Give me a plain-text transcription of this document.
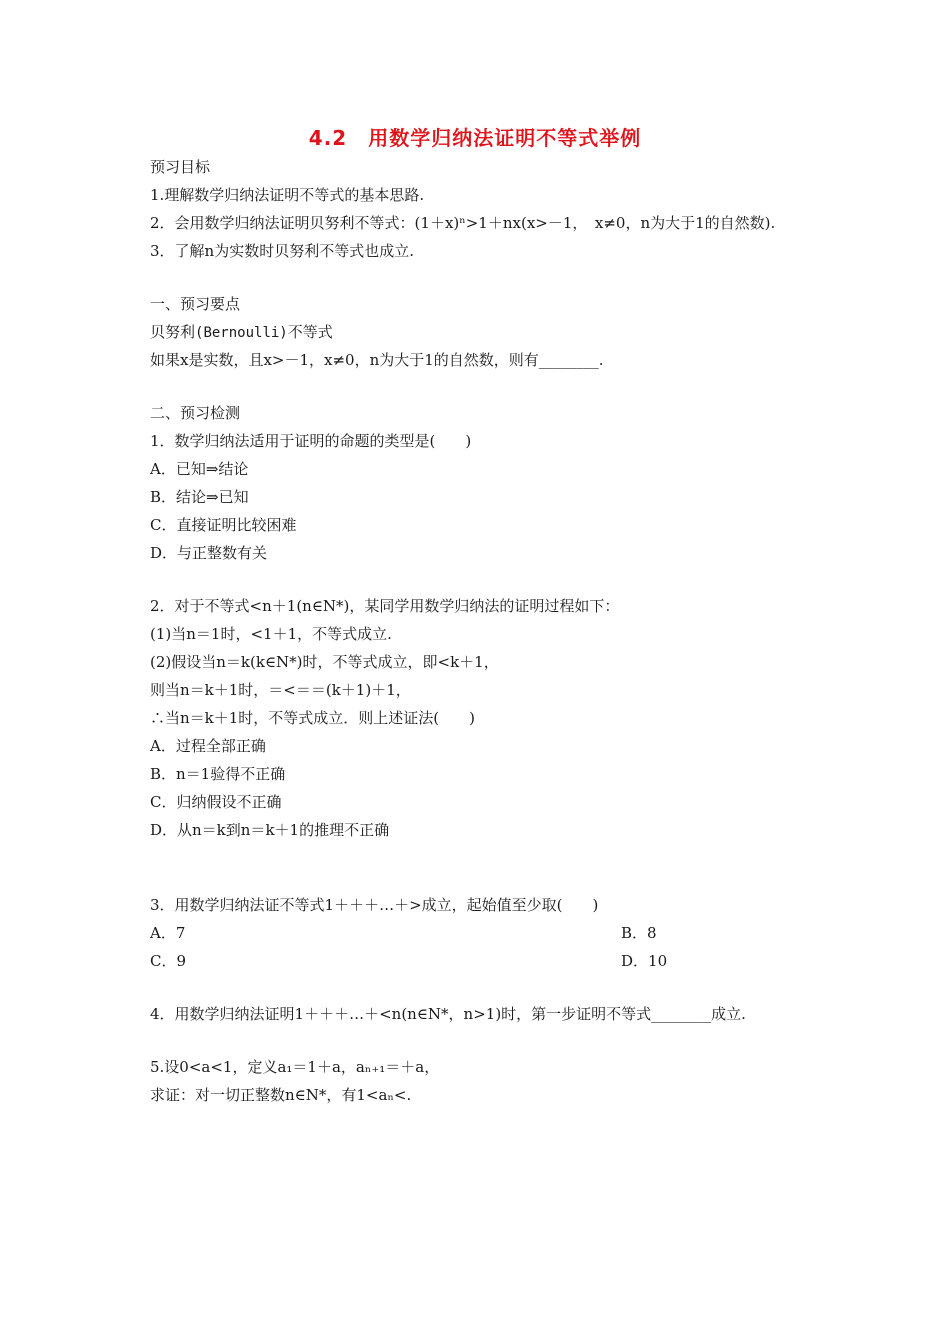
4.2　用数学归纳法证明不等式举例
预习目标
1.理解数学归纳法证明不等式的基本思路.
2．会用数学归纳法证明贝努利不等式：(1＋x)ⁿ>1＋nx(x>－1，　x≠0，n为大于1的自然数).
3．了解n为实数时贝努利不等式也成立.
一、预习要点
贝努利(Bernoulli)不等式
如果x是实数，且x>－1，x≠0，n为大于1的自然数，则有________.
二、预习检测
1．数学归纳法适用于证明的命题的类型是(　　)
A．已知⇒结论
B．结论⇒已知
C．直接证明比较困难
D．与正整数有关
2．对于不等式<n＋1(n∈N*)，某同学用数学归纳法的证明过程如下：
(1)当n＝1时，<1＋1，不等式成立.
(2)假设当n＝k(k∈N*)时，不等式成立，即<k＋1，
则当n＝k＋1时，＝<＝＝(k＋1)＋1，
∴当n＝k＋1时，不等式成立．则上述证法(　　)
A．过程全部正确
B．n＝1验得不正确
C．归纳假设不正确
D．从n＝k到n＝k＋1的推理不正确
3．用数学归纳法证不等式1＋＋＋…＋>成立，起始值至少取(　　)
A．7	B．8
C．9	D．10
4．用数学归纳法证明1＋＋＋…＋<n(n∈N*，n>1)时，第一步证明不等式________成立.
5.设0<a<1，定义a₁＝1＋a，aₙ₊₁＝＋a，
求证：对一切正整数n∈N*，有1<aₙ<.
